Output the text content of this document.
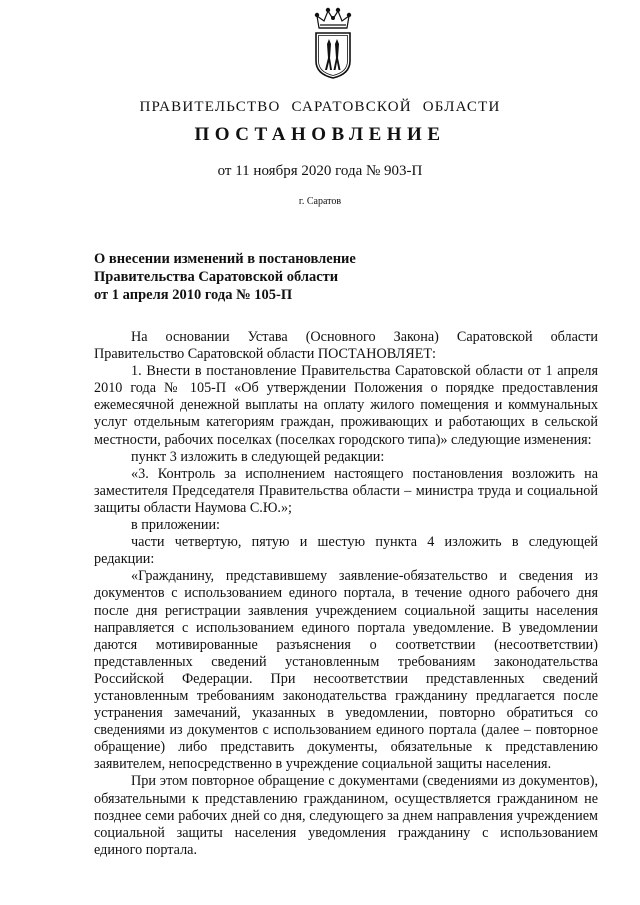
ПРАВИТЕЛЬСТВО САРАТОВСКОЙ ОБЛАСТИ
ПОСТАНОВЛЕНИЕ
от 11 ноября 2020 года № 903-П
г. Саратов
О внесении изменений в постановление
Правительства Саратовской области
от 1 апреля 2010 года № 105-П

На основании Устава (Основного Закона) Саратовской области Правительство Саратовской области ПОСТАНОВЛЯЕТ:

1. Внести в постановление Правительства Саратовской области от 1 апреля 2010 года № 105-П «Об утверждении Положения о порядке предоставления ежемесячной денежной выплаты на оплату жилого помещения и коммунальных услуг отдельным категориям граждан, проживающих и работающих в сельской местности, рабочих поселках (поселках городского типа)» следующие изменения:

пункт 3 изложить в следующей редакции:

«3. Контроль за исполнением настоящего постановления возложить на заместителя Председателя Правительства области – министра труда и социальной защиты области Наумова С.Ю.»;

в приложении:

части четвертую, пятую и шестую пункта 4 изложить в следующей редакции:

«Гражданину, представившему заявление-обязательство и сведения из документов с использованием единого портала, в течение одного рабочего дня после дня регистрации заявления учреждением социальной защиты населения направляется с использованием единого портала уведомление. В уведомлении даются мотивированные разъяснения о соответствии (несоответствии) представленных сведений установленным требованиям законодательства Российской Федерации. При несоответствии представленных сведений установленным требованиям законодательства гражданину предлагается после устранения замечаний, указанных в уведомлении, повторно обратиться со сведениями из документов с использованием единого портала (далее – повторное обращение) либо представить документы, обязательные к представлению заявителем, непосредственно в учреждение социальной защиты населения.

При этом повторное обращение с документами (сведениями из документов), обязательными к представлению гражданином, осуществляется гражданином не позднее семи рабочих дней со дня, следующего за днем направления учреждением социальной защиты населения уведомления гражданину с использованием единого портала.
